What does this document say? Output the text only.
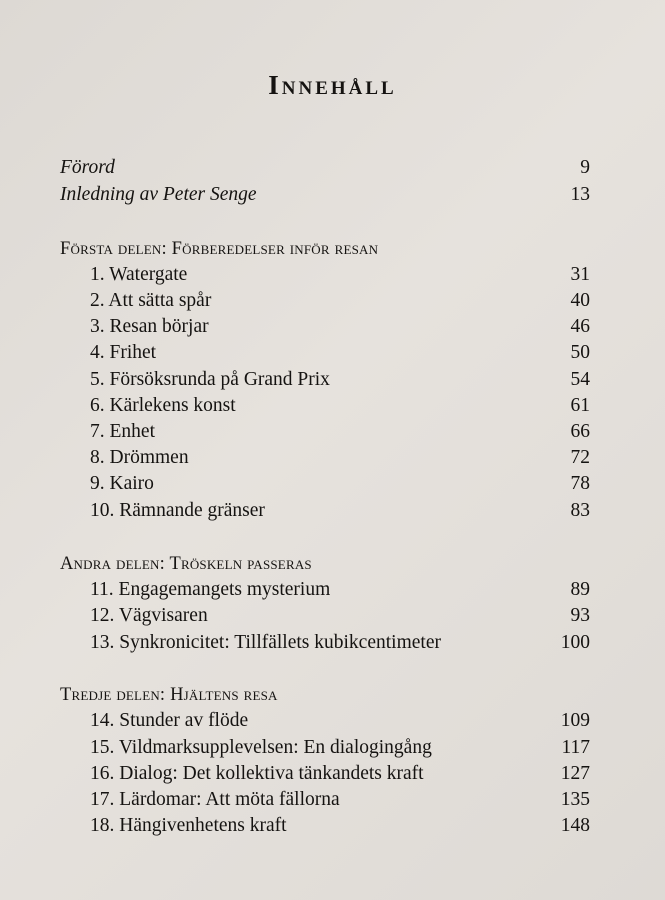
Innehåll
Förord	9
Inledning av Peter Senge	13
Första delen: Förberedelser inför resan
1. Watergate	31
2. Att sätta spår	40
3. Resan börjar	46
4. Frihet	50
5. Försöksrunda på Grand Prix	54
6. Kärlekens konst	61
7. Enhet	66
8. Drömmen	72
9. Kairo	78
10. Rämnande gränser	83
Andra delen: Tröskeln passeras
11. Engagemangets mysterium	89
12. Vägvisaren	93
13. Synkronicitet: Tillfällets kubikcentimeter	100
Tredje delen: Hjältens resa
14. Stunder av flöde	109
15. Vildmarksupplevelsen: En dialogingång	117
16. Dialog: Det kollektiva tänkandets kraft	127
17. Lärdomar: Att möta fällorna	135
18. Hängivenhetens kraft	148
